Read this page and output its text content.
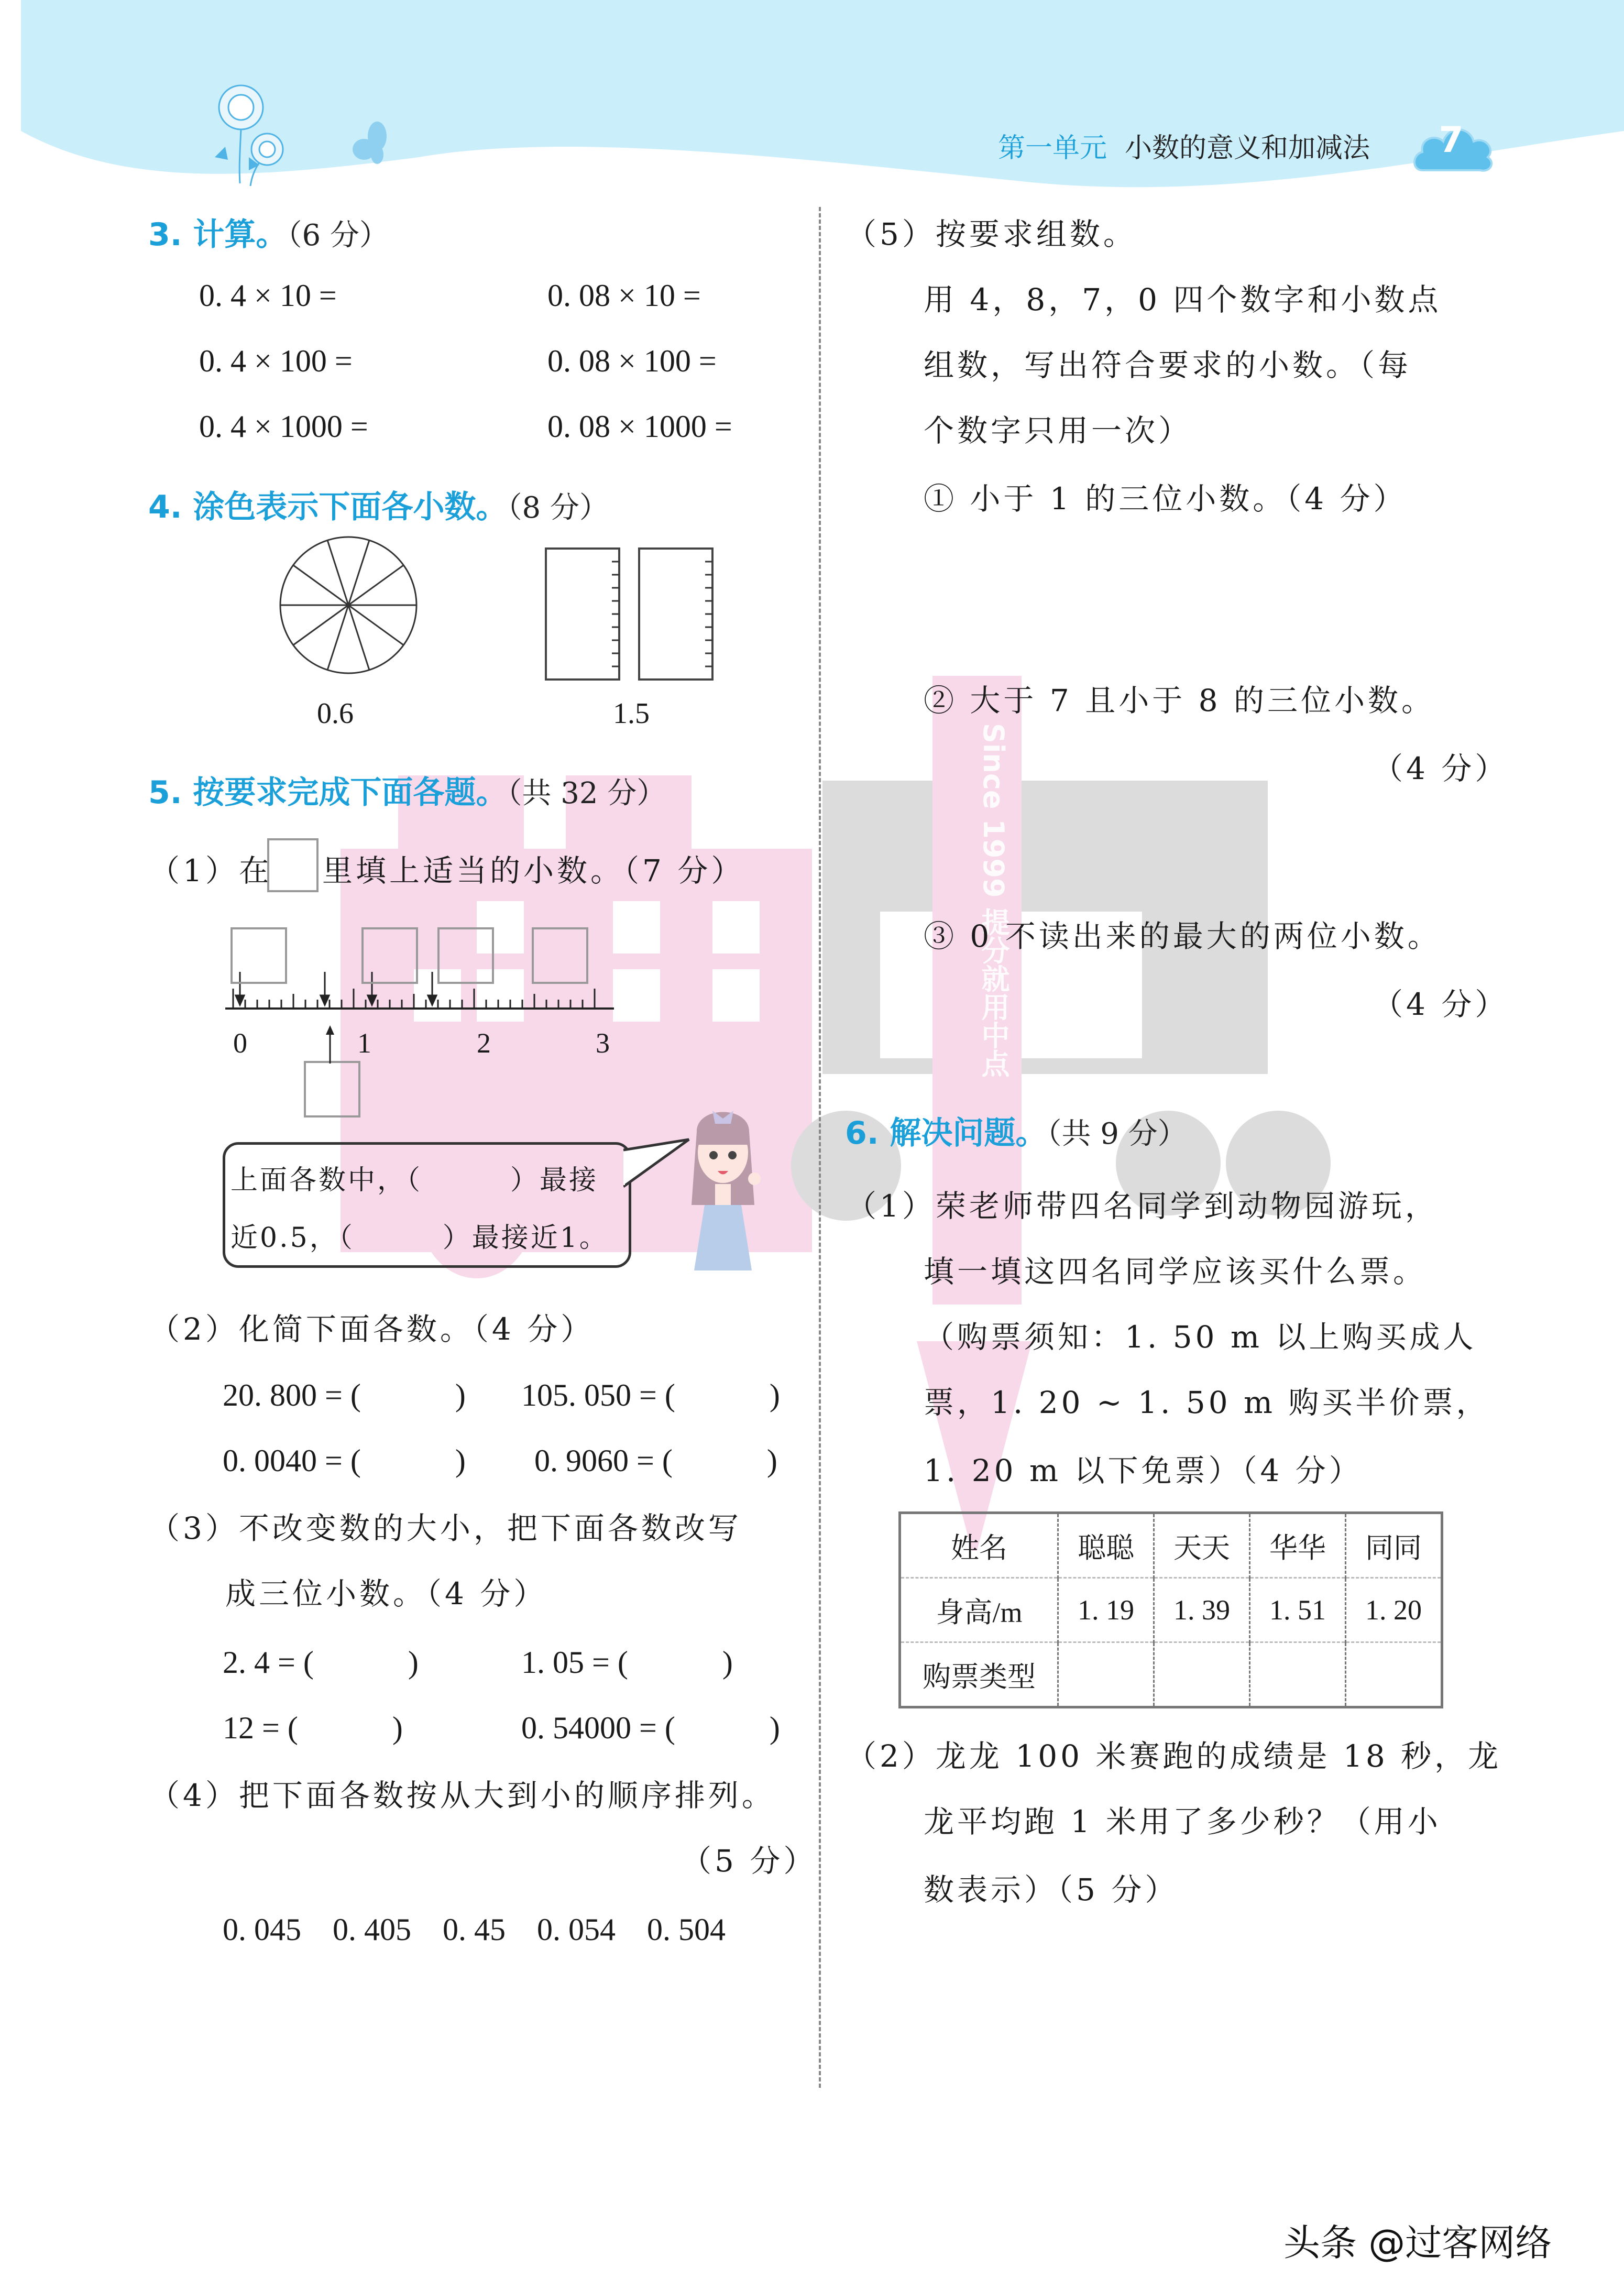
第一单元 小数的意义和加减法	7
Since 1999 提分就用中点
3. 计算。（6 分）
0. 4 × 10 =	0. 08 × 10 =
0. 4 × 100 =	0. 08 × 100 =
0. 4 × 1000 =	0. 08 × 1000 =
4. 涂色表示下面各小数。（8 分）
0.6	1.5
5. 按要求完成下面各题。（共 32 分）
（1）在 里填上适当的小数。（7 分）
0	1	2	3
上面各数中，（　　　）最接
近0.5，（　　　）最接近1。
（2）化简下面各数。（4 分）
20. 800 = (　　　) 105. 050 = (　　　)
0. 0040 = (　　　) 0. 9060 = (　　　)
（3）不改变数的大小，把下面各数改写
成三位小数。（4 分）
2. 4 = (　　　)	1. 05 = (　　　)
12 = (　　　)	0. 54000 = (　　　)
（4）把下面各数按从大到小的顺序排列。
（5 分）
0. 045　0. 405　0. 45　0. 054　0. 504
（5）按要求组数。
用 4，8，7，0 四个数字和小数点
组数，写出符合要求的小数。（每
个数字只用一次）
① 小于 1 的三位小数。（4 分）
② 大于 7 且小于 8 的三位小数。
（4 分）
③ 0 不读出来的最大的两位小数。
（4 分）
6. 解决问题。（共 9 分）
（1）荣老师带四名同学到动物园游玩，
填一填这四名同学应该买什么票。
（购票须知：1. 50 m 以上购买成人
票，1. 20 ~ 1. 50 m 购买半价票，
1. 20 m 以下免票）（4 分）
姓名	聪聪	天天	华华	同同
身高/m	1. 19	1. 39	1. 51	1. 20
购票类型				
（2）龙龙 100 米赛跑的成绩是 18 秒，龙
龙平均跑 1 米用了多少秒？（用小
数表示）（5 分）
头条 @过客网络
